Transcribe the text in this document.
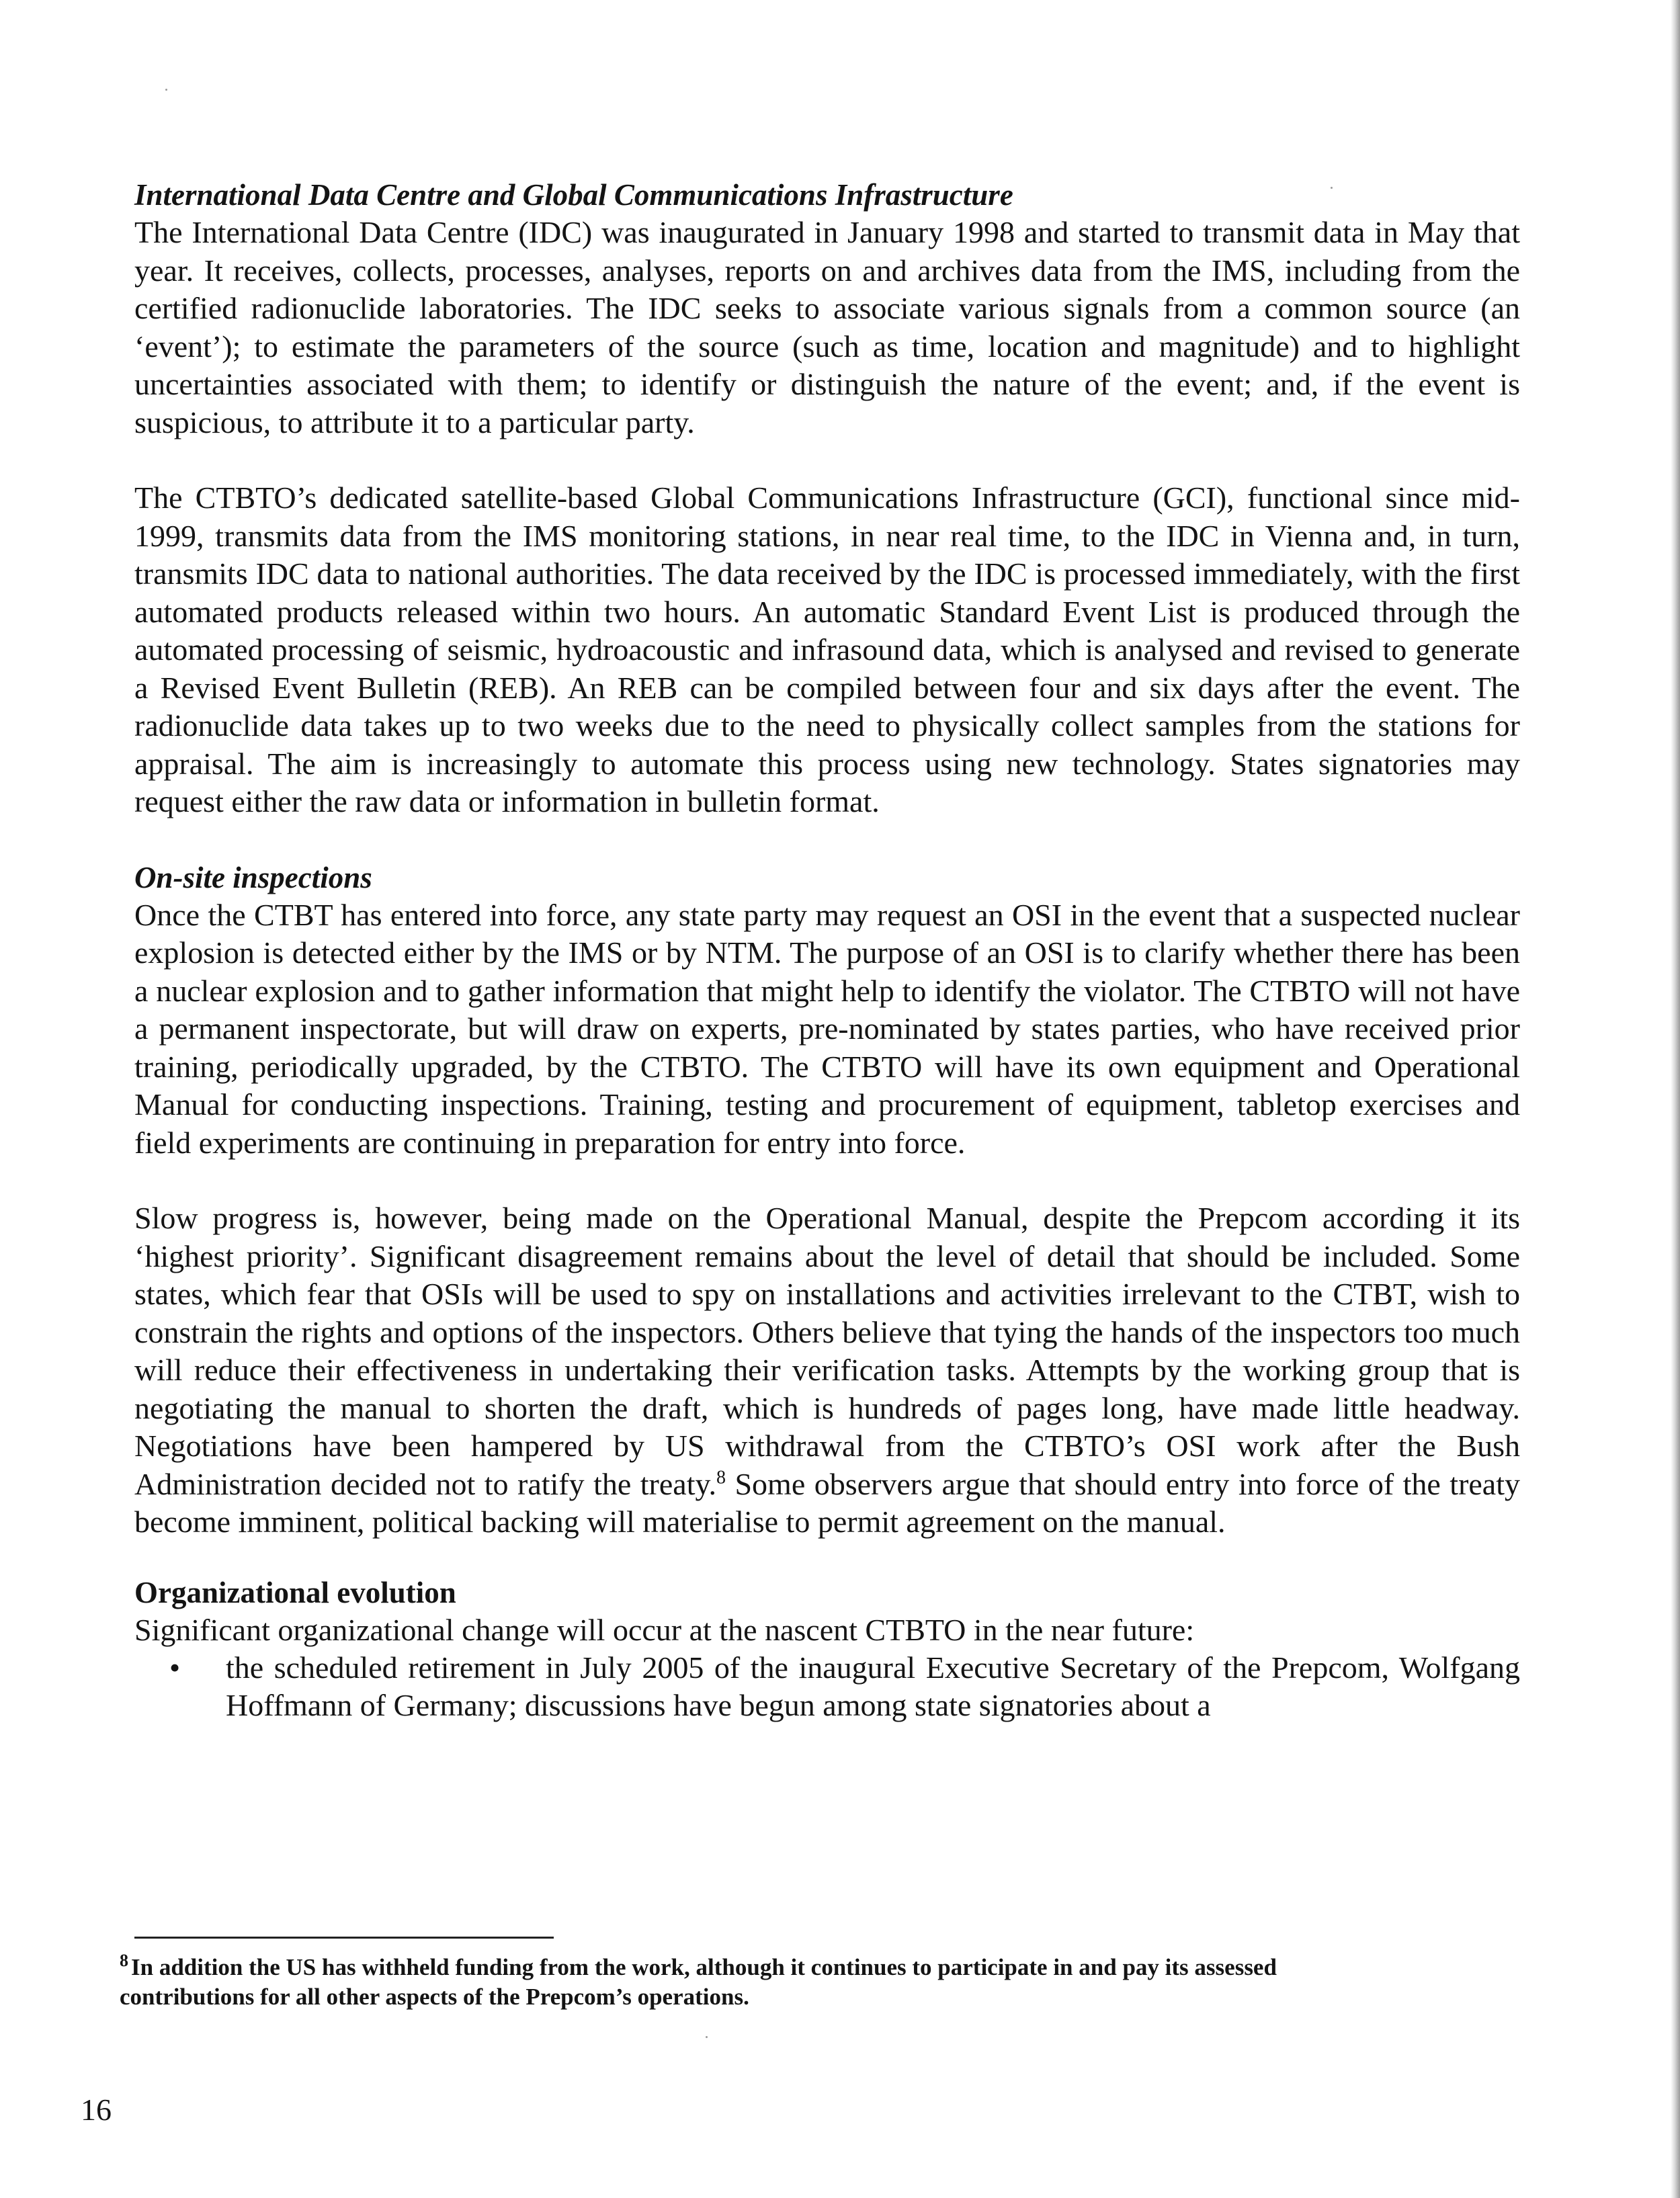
International Data Centre and Global Communications Infrastructure

The International Data Centre (IDC) was inaugurated in January 1998 and started to transmit data in May that year. It receives, collects, processes, analyses, reports on and archives data from the IMS, including from the certified radionuclide laboratories. The IDC seeks to associate various signals from a common source (an ‘event’); to estimate the parameters of the source (such as time, location and magnitude) and to highlight uncertainties associated with them; to identify or distinguish the nature of the event; and, if the event is suspicious, to attribute it to a particular party.

The CTBTO’s dedicated satellite-based Global Communications Infrastructure (GCI), functional since mid-1999, transmits data from the IMS monitoring stations, in near real time, to the IDC in Vienna and, in turn, transmits IDC data to national authorities. The data received by the IDC is processed immediately, with the first automated products released within two hours. An automatic Standard Event List is produced through the automated processing of seismic, hydroacoustic and infrasound data, which is analysed and revised to generate a Revised Event Bulletin (REB). An REB can be compiled between four and six days after the event. The radionuclide data takes up to two weeks due to the need to physically collect samples from the stations for appraisal. The aim is increasingly to automate this process using new technology. States signatories may request either the raw data or information in bulletin format.

On-site inspections

Once the CTBT has entered into force, any state party may request an OSI in the event that a suspected nuclear explosion is detected either by the IMS or by NTM. The purpose of an OSI is to clarify whether there has been a nuclear explosion and to gather information that might help to identify the violator. The CTBTO will not have a permanent inspectorate, but will draw on experts, pre-nominated by states parties, who have received prior training, periodically upgraded, by the CTBTO. The CTBTO will have its own equipment and Operational Manual for conducting inspections. Training, testing and procurement of equipment, tabletop exercises and field experiments are continuing in preparation for entry into force.

Slow progress is, however, being made on the Operational Manual, despite the Prepcom according it its ‘highest priority’. Significant disagreement remains about the level of detail that should be included. Some states, which fear that OSIs will be used to spy on installations and activities irrelevant to the CTBT, wish to constrain the rights and options of the inspectors. Others believe that tying the hands of the inspectors too much will reduce their effectiveness in undertaking their verification tasks. Attempts by the working group that is negotiating the manual to shorten the draft, which is hundreds of pages long, have made little headway. Negotiations have been hampered by US withdrawal from the CTBTO’s OSI work after the Bush Administration decided not to ratify the treaty.$^8$ Some observers argue that should entry into force of the treaty become imminent, political backing will materialise to permit agreement on the manual.

Organizational evolution

Significant organizational change will occur at the nascent CTBTO in the near future:

• the scheduled retirement in July 2005 of the inaugural Executive Secretary of the Prepcom, Wolfgang Hoffmann of Germany; discussions have begun among state signatories about a
$^8$ In addition the US has withheld funding from the work, although it continues to participate in and pay its assessed contributions for all other aspects of the Prepcom’s operations.
16
